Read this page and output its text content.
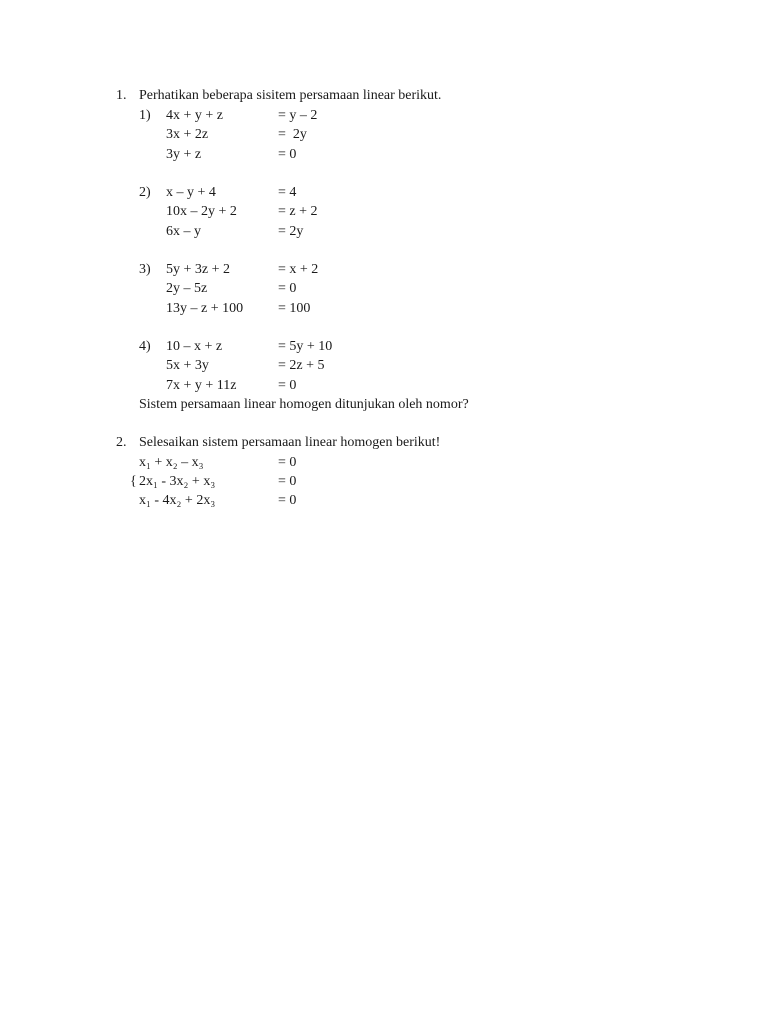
1. Perhatikan beberapa sisitem persamaan linear berikut.
1) 4x + y + z	= y – 2
3x + 2z	=  2y
3y + z	= 0
2) x – y + 4	= 4
10x – 2y + 2	= z + 2
6x – y	= 2y
3) 5y + 3z + 2	= x + 2
2y – 5z	= 0
13y – z + 100 = 100
4) 10 – x + z	= 5y + 10
5x + 3y	= 2z + 5
7x + y + 11z	= 0
Sistem persamaan linear homogen ditunjukan oleh nomor?
2. Selesaikan sistem persamaan linear homogen berikut!
x₁ + x₂ – x₃	= 0
{ 2x₁ - 3x₂ + x₃	= 0
x₁ - 4x₂ + 2x₃	= 0
